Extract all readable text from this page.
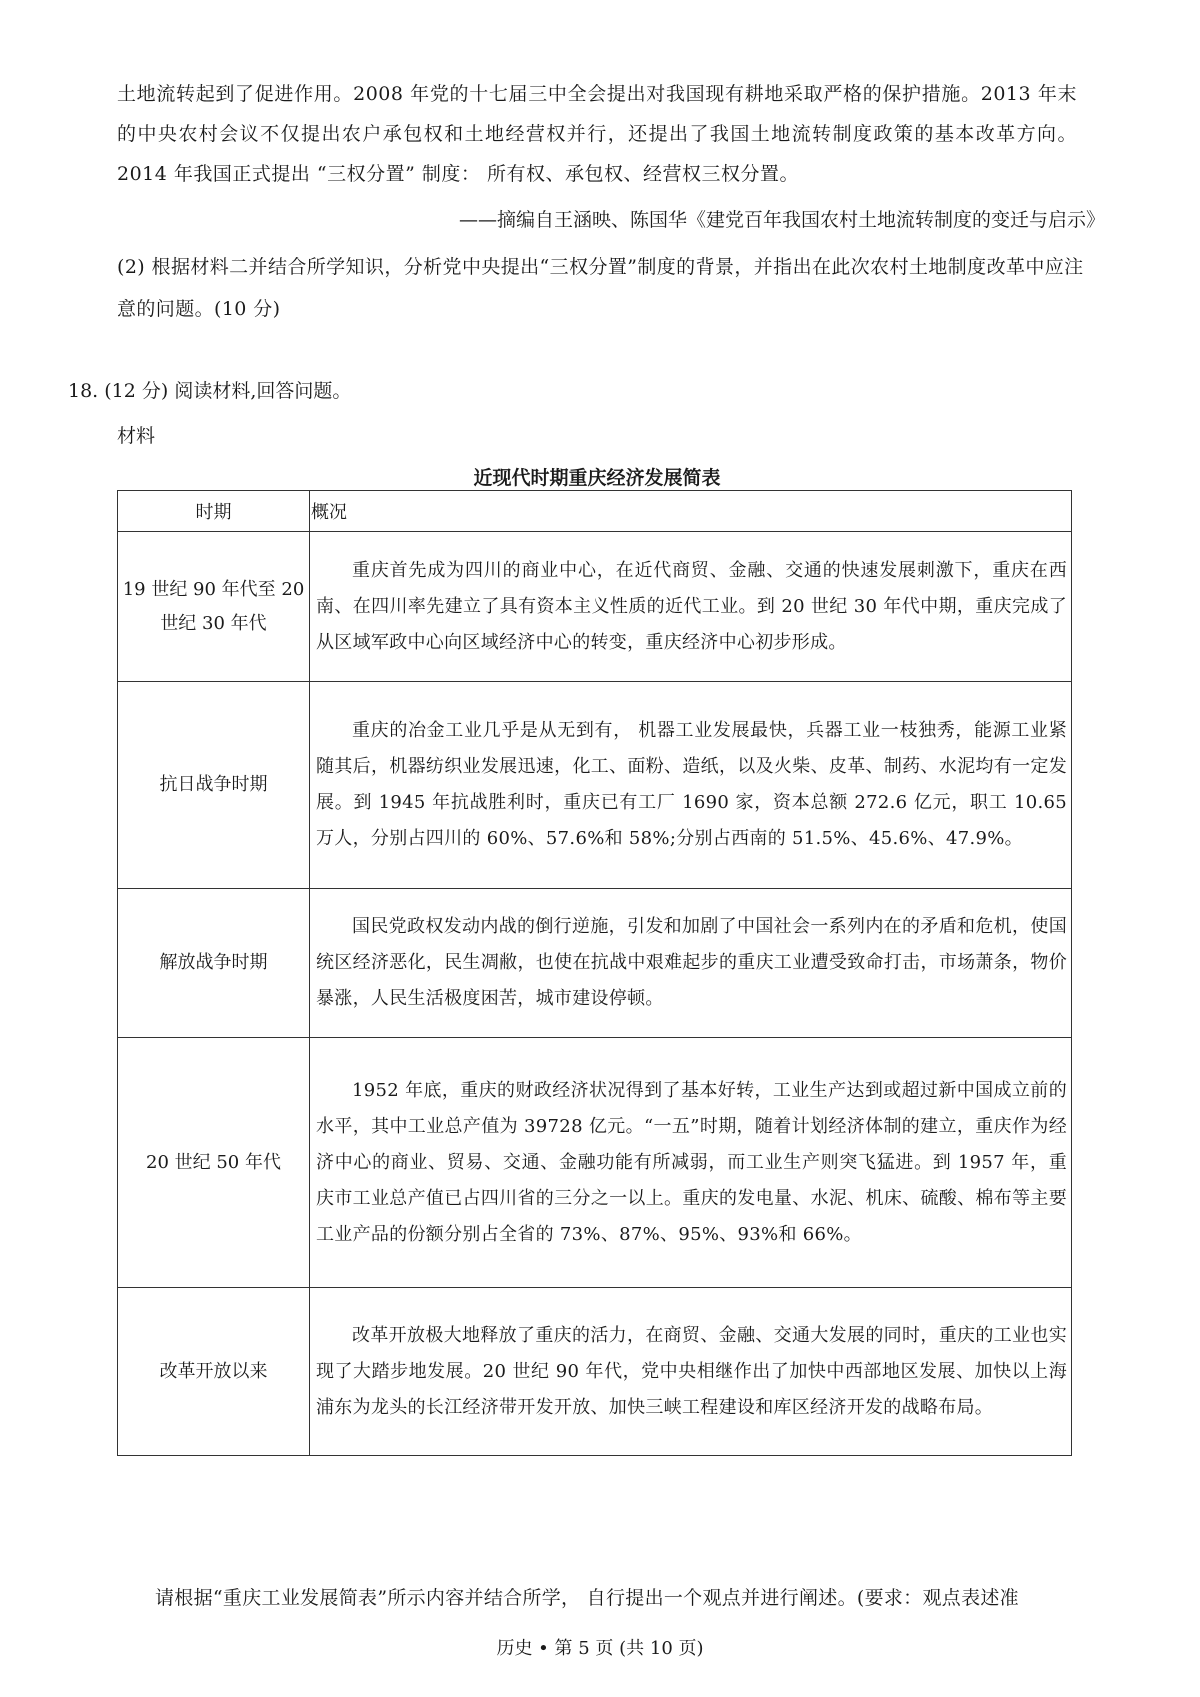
土地流转起到了促进作用。2008 年党的十七届三中全会提出对我国现有耕地采取严格的保护措施。2013 年末的中央农村会议不仅提出农户承包权和土地经营权并行，还提出了我国土地流转制度政策的基本改革方向。2014 年我国正式提出 “三权分置” 制度： 所有权、承包权、经营权三权分置。
——摘编自王涵映、陈国华《建党百年我国农村土地流转制度的变迁与启示》
(2) 根据材料二并结合所学知识，分析党中央提出“三权分置”制度的背景，并指出在此次农村土地制度改革中应注意的问题。(10 分)
18. (12 分) 阅读材料,回答问题。
材料
近现代时期重庆经济发展简表
时期	概况
19 世纪 90 年代至 20 世纪 30 年代	重庆首先成为四川的商业中心，在近代商贸、金融、交通的快速发展刺激下，重庆在西南、在四川率先建立了具有资本主义性质的近代工业。到 20 世纪 30 年代中期，重庆完成了从区域军政中心向区域经济中心的转变，重庆经济中心初步形成。
抗日战争时期	重庆的冶金工业几乎是从无到有， 机器工业发展最快，兵器工业一枝独秀，能源工业紧随其后，机器纺织业发展迅速，化工、面粉、造纸，以及火柴、皮革、制药、水泥均有一定发展。到 1945 年抗战胜利时，重庆已有工厂 1690 家，资本总额 272.6 亿元，职工 10.65 万人，分别占四川的 60%、57.6%和 58%;分别占西南的 51.5%、45.6%、47.9%。
解放战争时期	国民党政权发动内战的倒行逆施，引发和加剧了中国社会一系列内在的矛盾和危机，使国统区经济恶化，民生凋敝，也使在抗战中艰难起步的重庆工业遭受致命打击，市场萧条，物价暴涨，人民生活极度困苦，城市建设停顿。
20 世纪 50 年代	1952 年底，重庆的财政经济状况得到了基本好转，工业生产达到或超过新中国成立前的水平，其中工业总产值为 39728 亿元。“一五”时期，随着计划经济体制的建立，重庆作为经济中心的商业、贸易、交通、金融功能有所减弱，而工业生产则突飞猛进。到 1957 年，重庆市工业总产值已占四川省的三分之一以上。重庆的发电量、水泥、机床、硫酸、棉布等主要工业产品的份额分别占全省的 73%、87%、95%、93%和 66%。
改革开放以来	改革开放极大地释放了重庆的活力，在商贸、金融、交通大发展的同时，重庆的工业也实现了大踏步地发展。20 世纪 90 年代，党中央相继作出了加快中西部地区发展、加快以上海浦东为龙头的长江经济带开发开放、加快三峡工程建设和库区经济开发的战略布局。
请根据“重庆工业发展简表”所示内容并结合所学， 自行提出一个观点并进行阐述。(要求：观点表述准
历史 • 第 5 页 (共 10 页)
